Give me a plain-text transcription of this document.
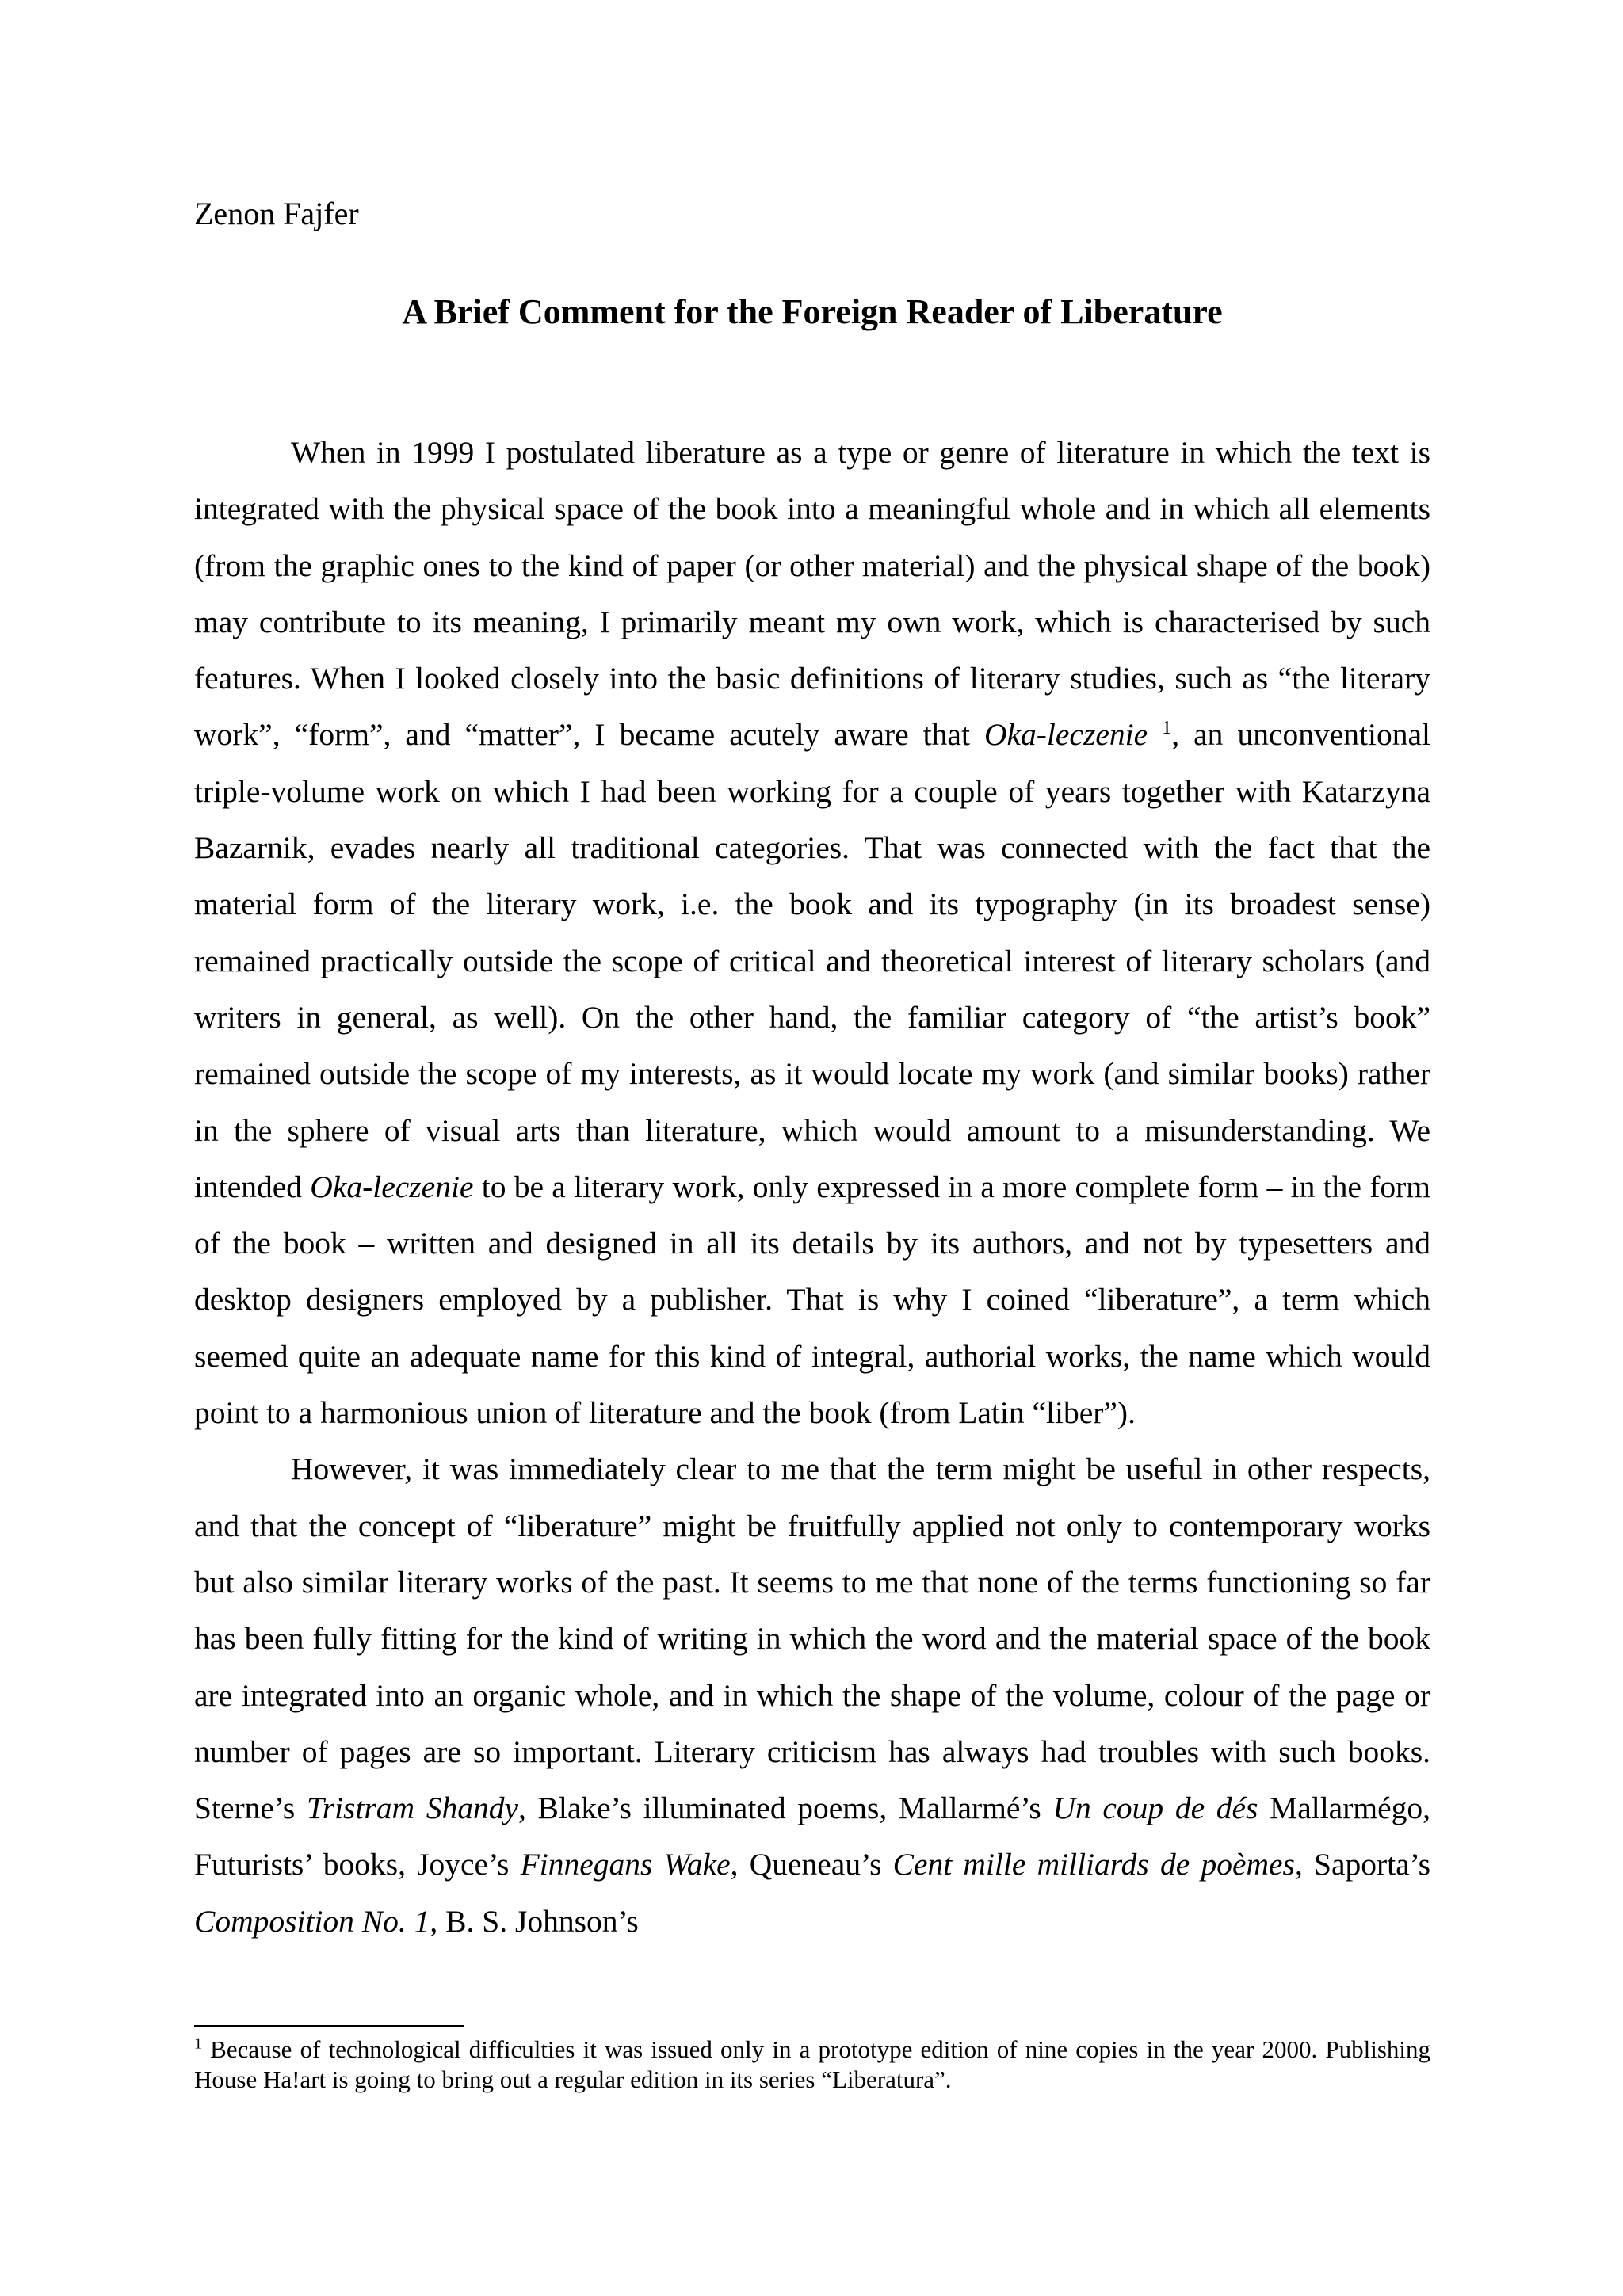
Zenon Fajfer

A Brief Comment for the Foreign Reader of Liberature

When in 1999 I postulated liberature as a type or genre of literature in which the text is integrated with the physical space of the book into a meaningful whole and in which all elements (from the graphic ones to the kind of paper (or other material) and the physical shape of the book) may contribute to its meaning, I primarily meant my own work, which is characterised by such features. When I looked closely into the basic definitions of literary studies, such as “the literary work”, “form”, and “matter”, I became acutely aware that Oka-leczenie $^1$, an unconventional triple-volume work on which I had been working for a couple of years together with Katarzyna Bazarnik, evades nearly all traditional categories. That was connected with the fact that the material form of the literary work, i.e. the book and its typography (in its broadest sense) remained practically outside the scope of critical and theoretical interest of literary scholars (and writers in general, as well). On the other hand, the familiar category of “the artist’s book” remained outside the scope of my interests, as it would locate my work (and similar books) rather in the sphere of visual arts than literature, which would amount to a misunderstanding. We intended Oka-leczenie to be a literary work, only expressed in a more complete form – in the form of the book – written and designed in all its details by its authors, and not by typesetters and desktop designers employed by a publisher. That is why I coined “liberature”, a term which seemed quite an adequate name for this kind of integral, authorial works, the name which would point to a harmonious union of literature and the book (from Latin “liber”).

However, it was immediately clear to me that the term might be useful in other respects, and that the concept of “liberature” might be fruitfully applied not only to contemporary works but also similar literary works of the past. It seems to me that none of the terms functioning so far has been fully fitting for the kind of writing in which the word and the material space of the book are integrated into an organic whole, and in which the shape of the volume, colour of the page or number of pages are so important. Literary criticism has always had troubles with such books. Sterne’s Tristram Shandy, Blake’s illuminated poems, Mallarmé’s Un coup de dés Mallarmégo, Futurists’ books, Joyce’s Finnegans Wake, Queneau’s Cent mille milliards de poèmes, Saporta’s Composition No. 1, B. S. Johnson’s

$^1$ Because of technological difficulties it was issued only in a prototype edition of nine copies in the year 2000. Publishing House Ha!art is going to bring out a regular edition in its series “Liberatura”.
